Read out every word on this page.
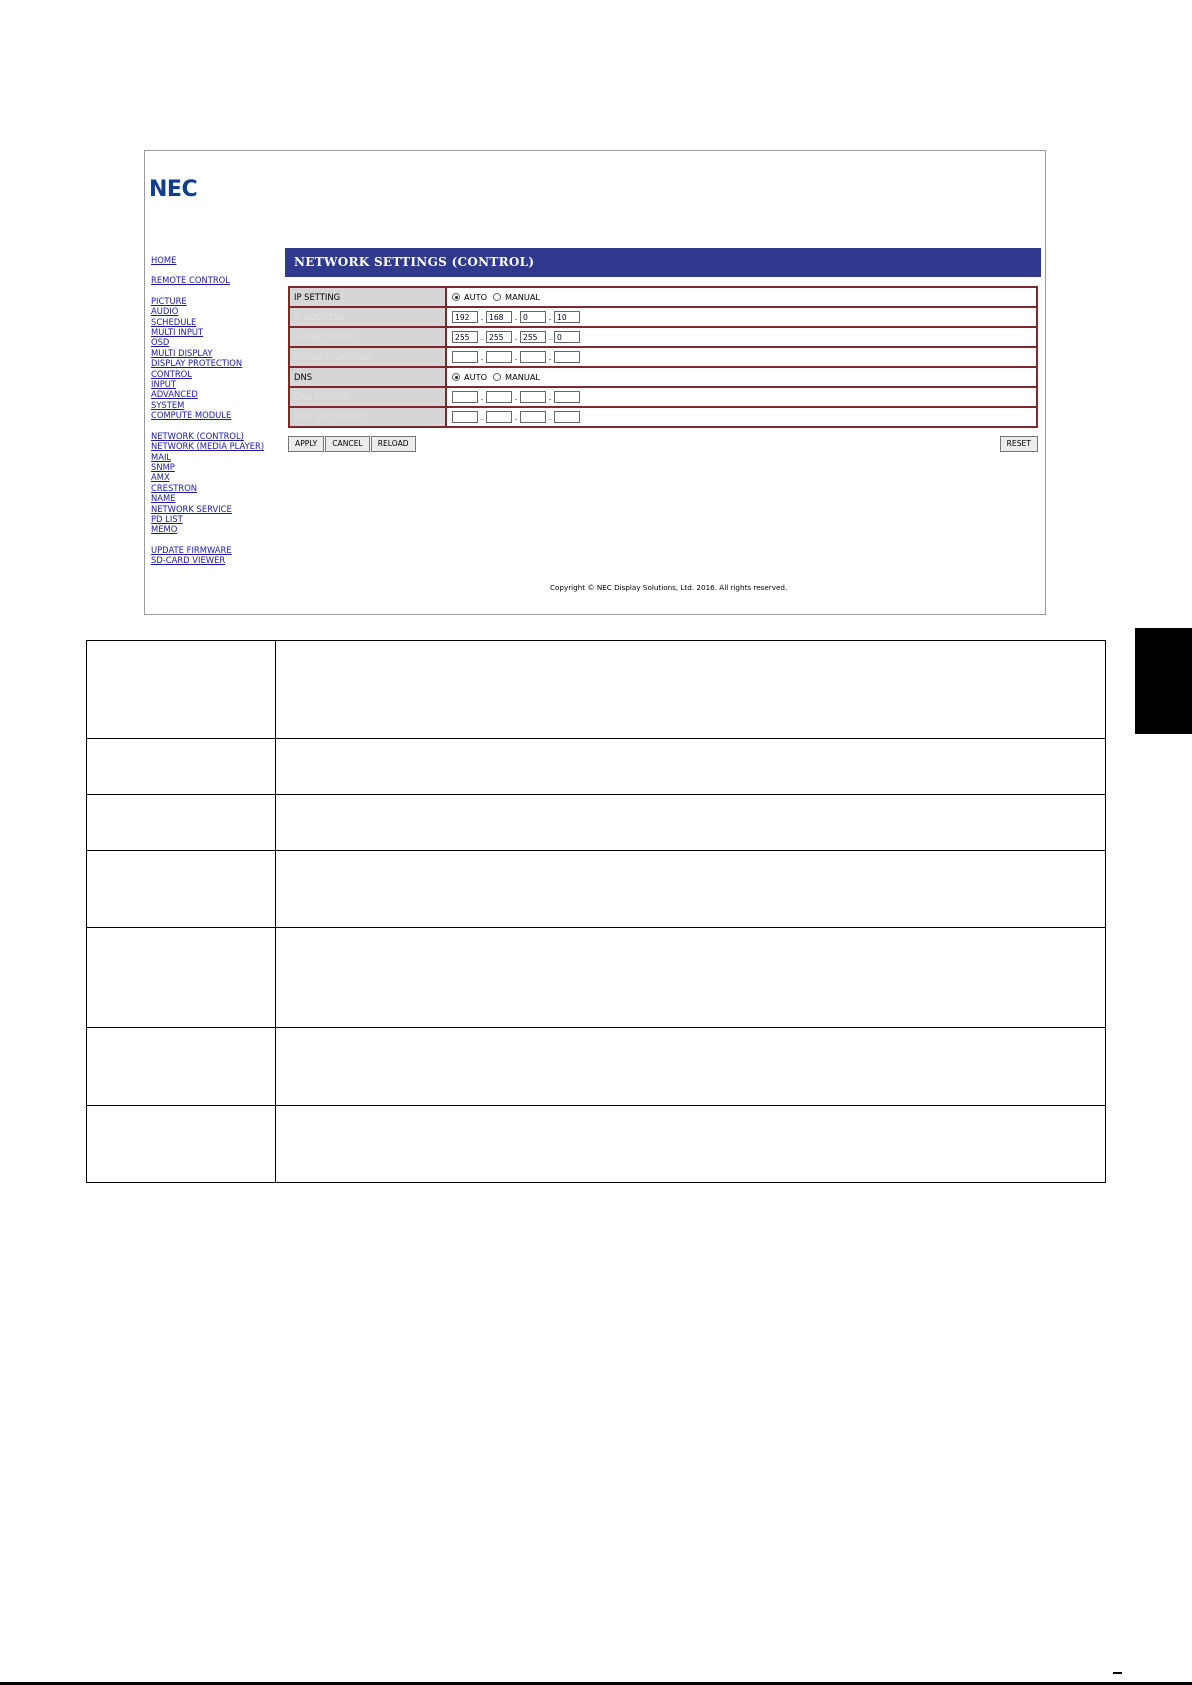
NEC
HOME
REMOTE CONTROL
PICTURE
AUDIO
SCHEDULE
MULTI INPUT
OSD
MULTI DISPLAY
DISPLAY PROTECTION
CONTROL
INPUT
ADVANCED
SYSTEM
COMPUTE MODULE
NETWORK (CONTROL)
NETWORK (MEDIA PLAYER)
MAIL
SNMP
AMX
CRESTRON
NAME
NETWORK SERVICE
PD LIST
MEMO
UPDATE FIRMWARE
SD-CARD VIEWER
NETWORK SETTINGS (CONTROL)
IP SETTING	AUTO MANUAL
IP ADDRESS	192 . 168 . 0 . 10
SUBNET MASK	255 . 255 . 255 . 0
DEFAULT GATEWAY	. . .
DNS	AUTO MANUAL
DNS PRIMARY	. . .
DNS SECONDARY	. . .
APPLY CANCEL RELOAD	RESET
Copyright © NEC Display Solutions, Ltd. 2016. All rights reserved.
